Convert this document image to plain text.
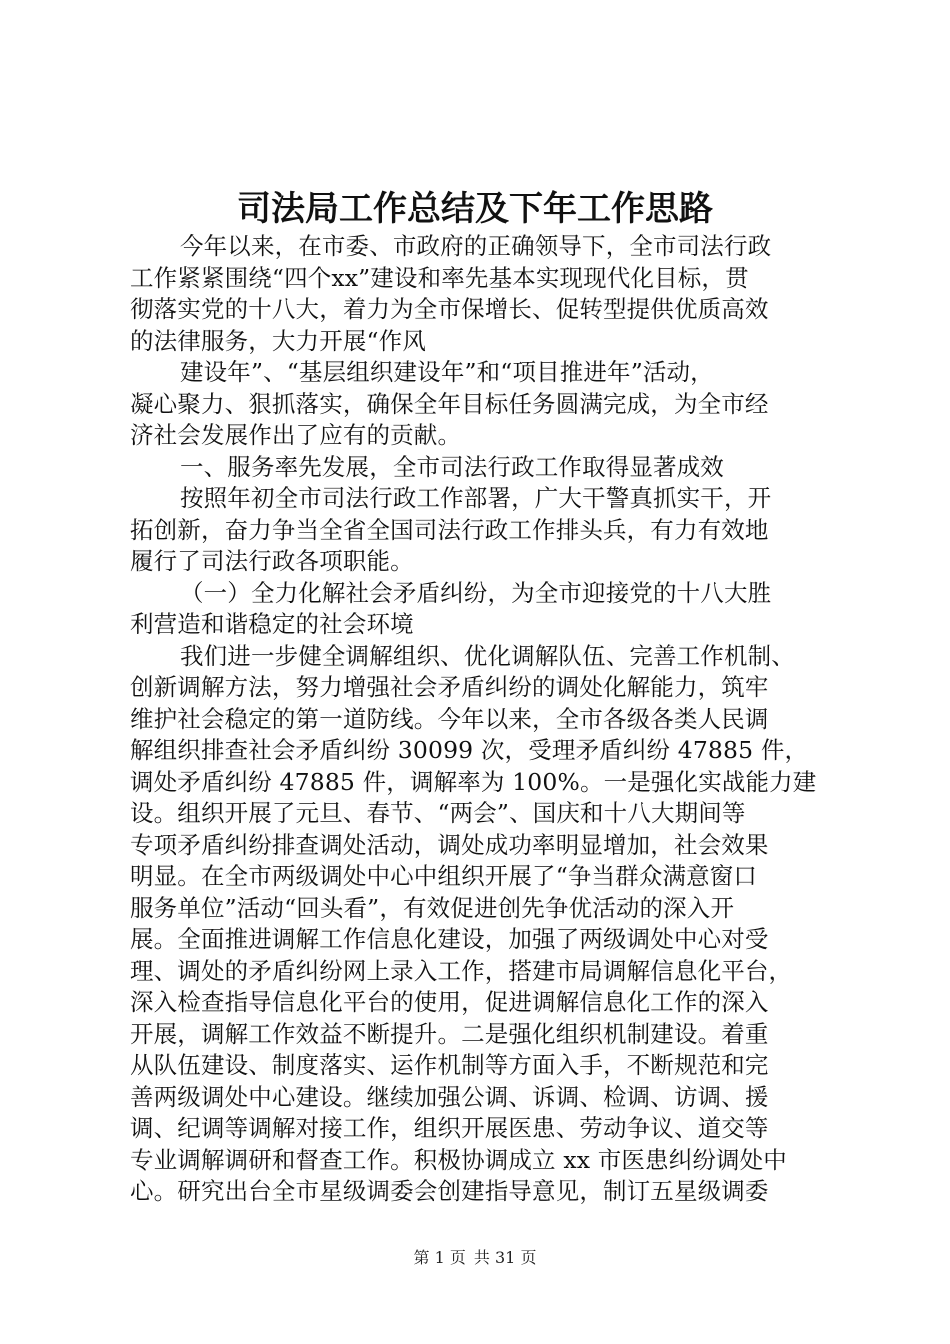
司法局工作总结及下年工作思路
今年以来，在市委、市政府的正确领导下，全市司法行政
工作紧紧围绕“四个xx”建设和率先基本实现现代化目标，贯
彻落实党的十八大，着力为全市保增长、促转型提供优质高效
的法律服务，大力开展“作风
建设年”、“基层组织建设年”和“项目推进年”活动，
凝心聚力、狠抓落实，确保全年目标任务圆满完成，为全市经
济社会发展作出了应有的贡献。
一、服务率先发展，全市司法行政工作取得显著成效
按照年初全市司法行政工作部署，广大干警真抓实干，开
拓创新，奋力争当全省全国司法行政工作排头兵，有力有效地
履行了司法行政各项职能。
（一）全力化解社会矛盾纠纷，为全市迎接党的十八大胜
利营造和谐稳定的社会环境
我们进一步健全调解组织、优化调解队伍、完善工作机制、
创新调解方法，努力增强社会矛盾纠纷的调处化解能力，筑牢
维护社会稳定的第一道防线。今年以来，全市各级各类人民调
解组织排查社会矛盾纠纷 30099 次，受理矛盾纠纷 47885 件，
调处矛盾纠纷 47885 件，调解率为 100%。一是强化实战能力建
设。组织开展了元旦、春节、“两会”、国庆和十八大期间等
专项矛盾纠纷排查调处活动，调处成功率明显增加，社会效果
明显。在全市两级调处中心中组织开展了“争当群众满意窗口
服务单位”活动“回头看”，有效促进创先争优活动的深入开
展。全面推进调解工作信息化建设，加强了两级调处中心对受
理、调处的矛盾纠纷网上录入工作，搭建市局调解信息化平台，
深入检查指导信息化平台的使用，促进调解信息化工作的深入
开展，调解工作效益不断提升。二是强化组织机制建设。着重
从队伍建设、制度落实、运作机制等方面入手，不断规范和完
善两级调处中心建设。继续加强公调、诉调、检调、访调、援
调、纪调等调解对接工作，组织开展医患、劳动争议、道交等
专业调解调研和督查工作。积极协调成立 xx 市医患纠纷调处中
心。研究出台全市星级调委会创建指导意见，制订五星级调委
第 1 页 共 31 页
